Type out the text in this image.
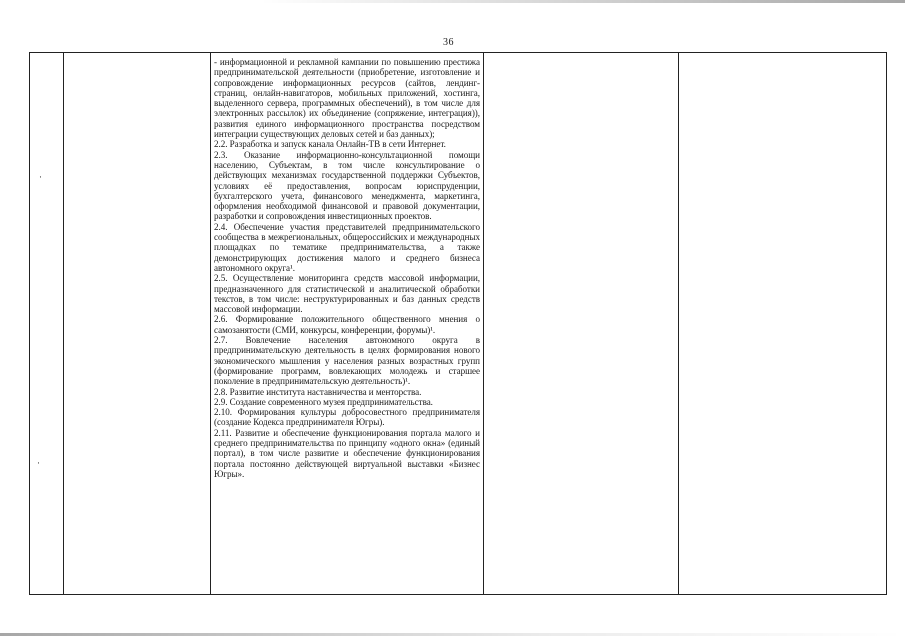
36
·
·

- информационной и рекламной кампании по повышению престижа предпринимательской деятельности (приобретение, изготовление и сопровождение информационных ресурсов (сайтов, лендинг-страниц, онлайн-навигаторов, мобильных приложений, хостинга, выделенного сервера, программных обеспечений), в том числе для электронных рассылок) их объединение (сопряжение, интеграция)), развития единого информационного пространства посредством интеграции существующих деловых сетей и баз данных);

2.2. Разработка и запуск канала Онлайн-ТВ в сети Интернет.

2.3. Оказание информационно-консультационной помощи населению, Субъектам, в том числе консультирование о действующих механизмах государственной поддержки Субъектов, условиях её предоставления, вопросам юриспруденции, бухгалтерского учета, финансового менеджмента, маркетинга, оформления необходимой финансовой и правовой документации, разработки и сопровождения инвестиционных проектов.

2.4. Обеспечение участия представителей предпринимательского сообщества в межрегиональных, общероссийских и международных площадках по тематике предпринимательства, а также демонстрирующих достижения малого и среднего бизнеса автономного округа¹.

2.5. Осуществление мониторинга средств массовой информации, предназначенного для статистической и аналитической обработки текстов, в том числе: неструктурированных и баз данных средств массовой информации.

2.6. Формирование положительного общественного мнения о самозанятости (СМИ, конкурсы, конференции, форумы)¹.

2.7. Вовлечение населения автономного округа в предпринимательскую деятельность в целях формирования нового экономического мышления у населения разных возрастных групп (формирование программ, вовлекающих молодежь и старшее поколение в предпринимательскую деятельность)¹.

2.8. Развитие института наставничества и менторства.

2.9. Создание современного музея предпринимательства.

2.10. Формирования культуры добросовестного предпринимателя (создание Кодекса предпринимателя Югры).

2.11. Развитие и обеспечение функционирования портала малого и среднего предпринимательства по принципу «одного окна» (единый портал), в том числе развитие и обеспечение функционирования портала постоянно действующей виртуальной выставки «Бизнес Югры».
